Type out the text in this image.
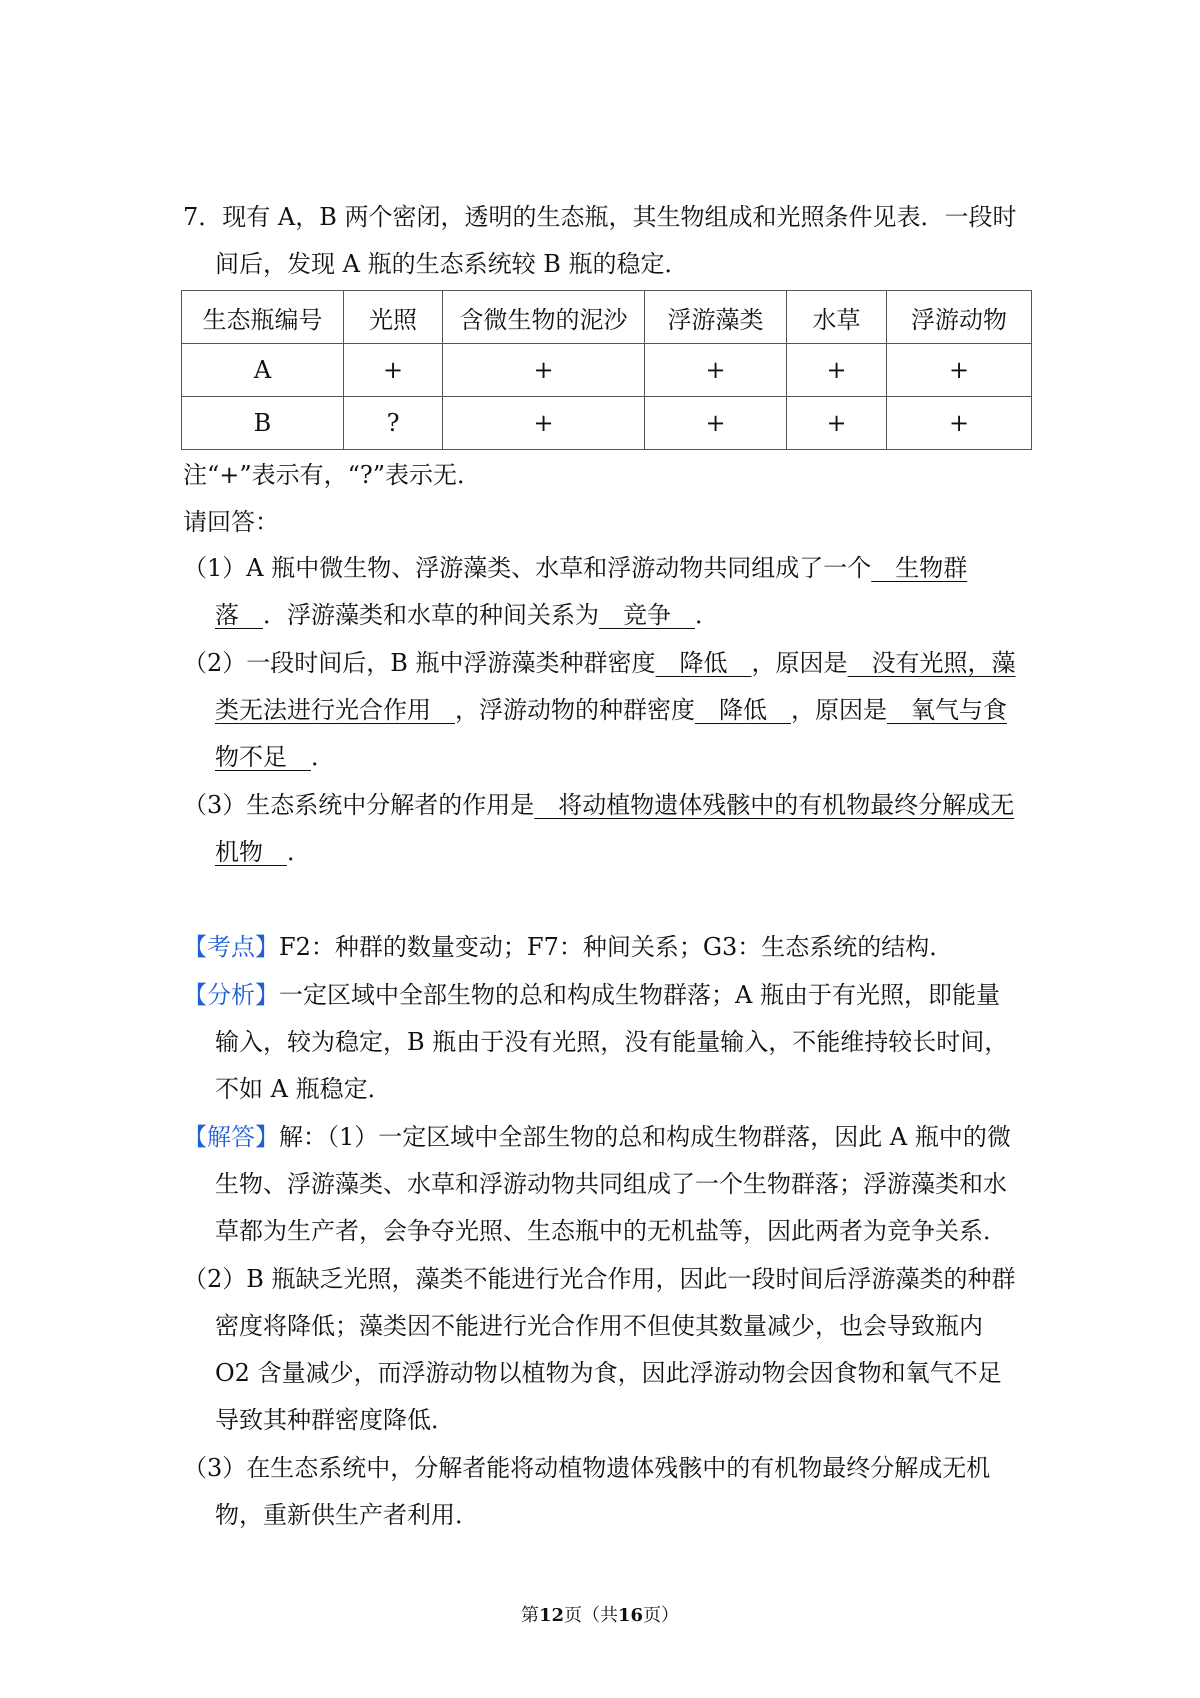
7．现有 A，B 两个密闭，透明的生态瓶，其生物组成和光照条件见表．一段时
间后，发现 A 瓶的生态系统较 B 瓶的稳定．
生态瓶编号	光照	含微生物的泥沙	浮游藻类	水草	浮游动物
A	+	+	+	+	+
B	?	+	+	+	+
注“+”表示有，“?”表示无．
请回答：
（1）A 瓶中微生物、浮游藻类、水草和浮游动物共同组成了一个　生物群
落　．浮游藻类和水草的种间关系为　竞争　．
（2）一段时间后，B 瓶中浮游藻类种群密度　降低　，原因是　没有光照，藻
类无法进行光合作用　，浮游动物的种群密度　降低　，原因是　氧气与食
物不足　．
（3）生态系统中分解者的作用是　将动植物遗体残骸中的有机物最终分解成无
机物　．
【考点】F2：种群的数量变动；F7：种间关系；G3：生态系统的结构．
【分析】一定区域中全部生物的总和构成生物群落；A 瓶由于有光照，即能量
输入，较为稳定，B 瓶由于没有光照，没有能量输入，不能维持较长时间，
不如 A 瓶稳定．
【解答】解：（1）一定区域中全部生物的总和构成生物群落，因此 A 瓶中的微
生物、浮游藻类、水草和浮游动物共同组成了一个生物群落；浮游藻类和水
草都为生产者，会争夺光照、生态瓶中的无机盐等，因此两者为竞争关系．
（2）B 瓶缺乏光照，藻类不能进行光合作用，因此一段时间后浮游藻类的种群
密度将降低；藻类因不能进行光合作用不但使其数量减少，也会导致瓶内
O2 含量减少，而浮游动物以植物为食，因此浮游动物会因食物和氧气不足
导致其种群密度降低．
（3）在生态系统中，分解者能将动植物遗体残骸中的有机物最终分解成无机
物，重新供生产者利用．
第12页（共16页）
